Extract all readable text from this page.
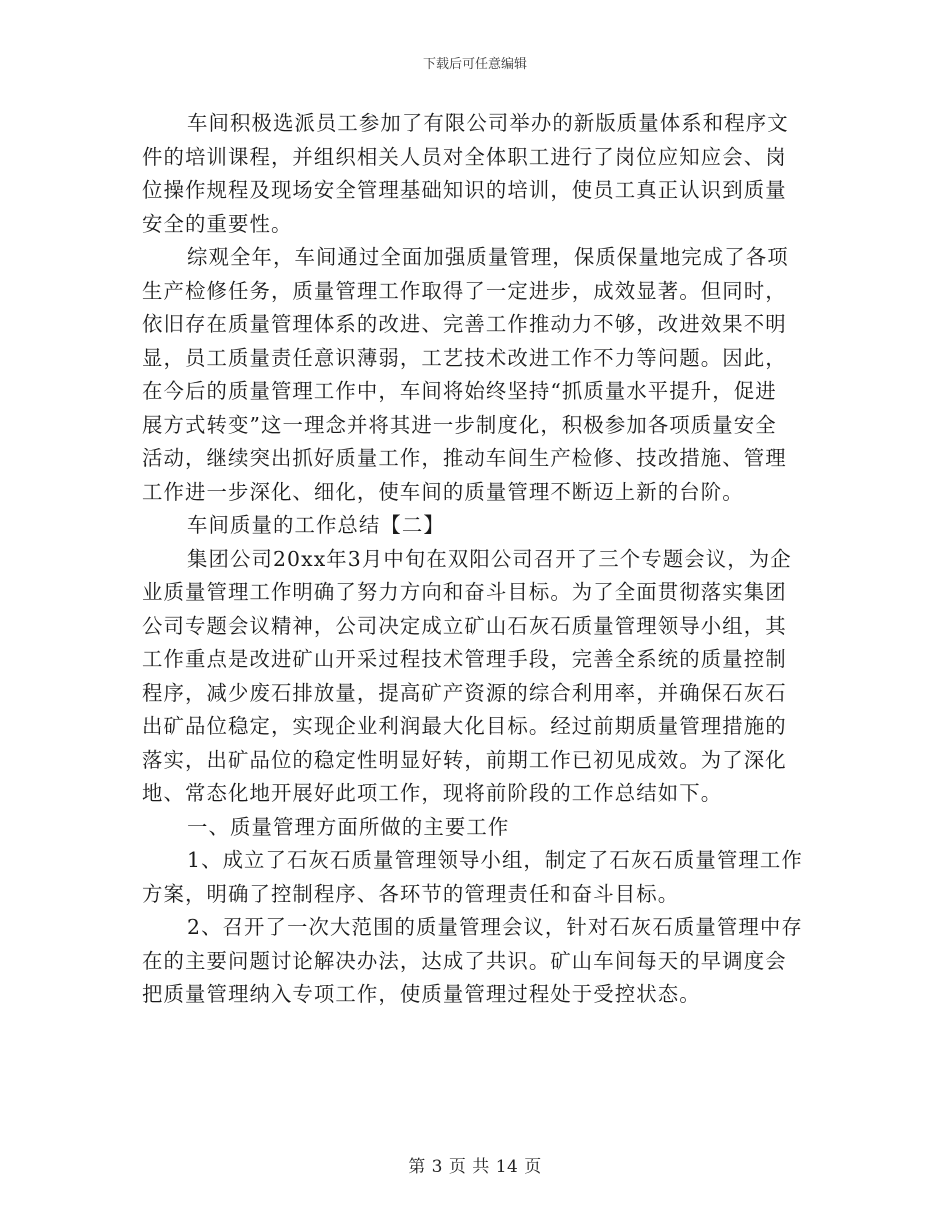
下载后可任意编辑
车间积极选派员工参加了有限公司举办的新版质量体系和程序文
件的培训课程，并组织相关人员对全体职工进行了岗位应知应会、岗
位操作规程及现场安全管理基础知识的培训，使员工真正认识到质量
安全的重要性。
综观全年，车间通过全面加强质量管理，保质保量地完成了各项
生产检修任务，质量管理工作取得了一定进步，成效显著。但同时，
依旧存在质量管理体系的改进、完善工作推动力不够，改进效果不明
显，员工质量责任意识薄弱，工艺技术改进工作不力等问题。因此，
在今后的质量管理工作中，车间将始终坚持“抓质量水平提升，促进
展方式转变”这一理念并将其进一步制度化，积极参加各项质量安全
活动，继续突出抓好质量工作，推动车间生产检修、技改措施、管理
工作进一步深化、细化，使车间的质量管理不断迈上新的台阶。
车间质量的工作总结【二】
集团公司20xx年3月中旬在双阳公司召开了三个专题会议，为企
业质量管理工作明确了努力方向和奋斗目标。为了全面贯彻落实集团
公司专题会议精神，公司决定成立矿山石灰石质量管理领导小组，其
工作重点是改进矿山开采过程技术管理手段，完善全系统的质量控制
程序，减少废石排放量，提高矿产资源的综合利用率，并确保石灰石
出矿品位稳定，实现企业利润最大化目标。经过前期质量管理措施的
落实，出矿品位的稳定性明显好转，前期工作已初见成效。为了深化
地、常态化地开展好此项工作，现将前阶段的工作总结如下。
一、质量管理方面所做的主要工作
1、成立了石灰石质量管理领导小组，制定了石灰石质量管理工作
方案，明确了控制程序、各环节的管理责任和奋斗目标。
2、召开了一次大范围的质量管理会议，针对石灰石质量管理中存
在的主要问题讨论解决办法，达成了共识。矿山车间每天的早调度会
把质量管理纳入专项工作，使质量管理过程处于受控状态。
第 3 页 共 14 页
